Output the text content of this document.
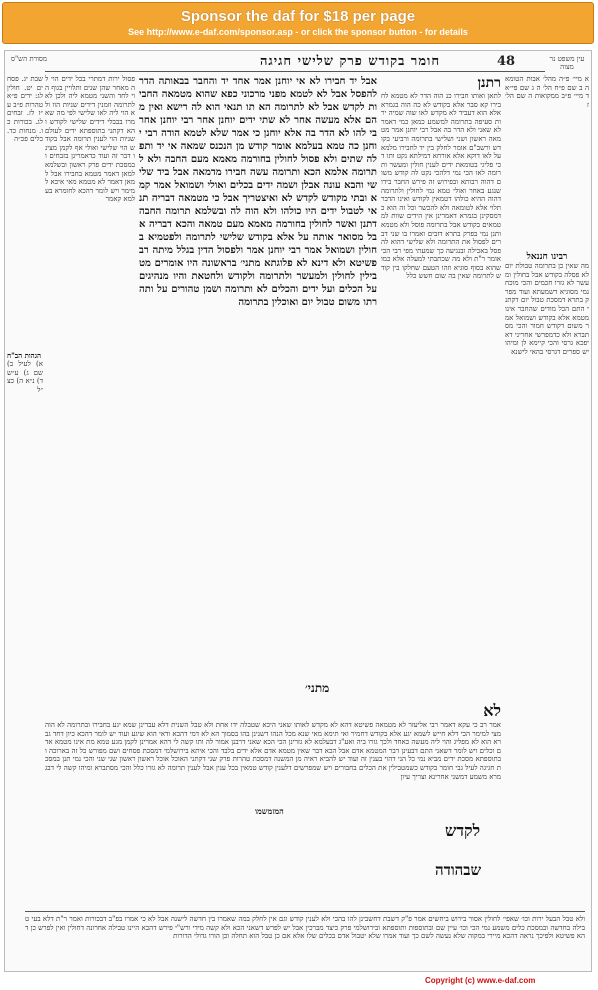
Sponsor the daf for $18 per page
See http://www.e-daf.com/sponsor.asp - or click the sponsor button - for details
מסורת הש"ס	חומר בקודש פרק שלישי חגיגה	48	עין משפט נר מצוה
שבת יג. פסחים יט. חולין לג: ידים פ״א טהרות פ״ב ע״ז לז. זבחים לג. בכורות כו. מנחות כד. כלים פכ״ה
הגהות הב"ח
א) לעיל ב) שם ג) ע״ש ד) נ״א ה) כצ״ל
פסול ירות דמתרי בכל ידים הוי לה מאחר שהן שנים ותלויין בגוף הוי לחד והשני מטמא ליה ולכן לא לתרומה וזמנין דידים שניות הוו ולא הוי ליה לאו שלישי לפי מה שאמרו בבבלי דידים שלישי לקודש והא דקתני בתוספתא ידים לעולם שניות הוי לענין תרומה אבל בקודש הוי שלישי ואולי אף לקמן מצינו דבר זה ועוד כדאמרינן בזבחים ובמסכת ידים פרק ראשון ובשלמא למאן דאמר מטמא בחבירו אבל למאן דאמר לא מטמא מאי איכא למימר ויש לומר דהכא לחומרא בעלמא קאמר
אבל יד חבירו לא אי יוחנן אמר אחד יד והחבר בבאותה הדר להפסל אבל לא לטמא מפני מרכוני כפא שהוא מטמאה החביות לקדש אבל לא לתרומה הא תו תנאי הוא לה רישא ואין מהם אלא מעשה אחר לא שתי ידים יוחנן אחר רבי יוחנן אחר בי להו לא הדר בה אלא יוחנן כי אמר שלא לטמא הודה רבי יוחנן כה טמא בעלמא אומר קודש מן הנכנס שמאה אי יד ותפלה שתים ולא פסול לחולין בחורמה מאמא מעם החבה ולא לתרומה אלמא הכא ותרומה עשה חבירו מדמאה אבל ביד שלישי והבא עונה אבלן ושמה ידים בכלים ואולי ושמואל אמר קמא ובתי מקודש לקדש לא ואיצטריך אבל כי מטמאה דבריה תנאי לטבול ידים היו כולהו ולא הוה לה ובשלמא תרומה החבה דתנן ואשר לחולין בחורמה מאמא מעם טמאה והכא דבריה אבל מסואר אותה על אלא בקודש שלישי לתרומה ולפטמיא בחולין ושמואל אמר רבי יוחנן אמר ולפסול הדין בגלל מיתה רב פשיטא ולא דינא לא פלוגתא מתני׳ בראשונה היו אומרים מטבילין לחולין ולמעשר ולתרומה ולקודש ולחטאת והיו מנהיגים על הכלים ועל ידים והכלים לא ותרומה ושמן טהורים על ותהרתו משום טבול יום ואוכלין בתרומה
רתנן
לתאן ואותו חבירו כנ הוה הדר לא מטמא לחבירו קא סבר אלא בקודש לא כה הוה בגמרא אלא הוא דעביד לא מקדש לאו שוה שמיה ירות סעיפה בתרומה למשמע כמאן כמי דאמר לא שאני ולא הדר בה אבל רבי יוחנן אמר מטמאה ראשון ושני ושלישי בתרומה ורביעי בקודש ורשב"ם אומר לחלק בין יד לחבירו מלמא על לאו דוקא אלא אורחא דמילתא נקט ותו דכי פליגי בטומאת ידים לענין חולין ומעשר ותרומה לאו הכי נמי דלהכי נקט לה קודש משום דהוה רבותא ובפירוש זה פירש החבר בידו שנגע באחר ואולי טמא נמי לחולין ולתרומה דהוה ההיא כולהו דטמאין לקודש ואינו הדבר תלוי אלא לטומאה ולא להכשר וכל זה הוא כדמסקינן בגמרא דאמרינן אין הידים שוות למטמאים בקודש אבל בתרומה פוסל ולא מטמא ותנן נמי בפרק בתרא דזבים ואמרו בו שני דברים לפסול את התרומה ולא שלישי דהוא להפסל באכילה ובנגיעה כך שמעתי מפי רבי הכי אומר ר"ת ולא מה שכתבתי למעלה אלא כמו שהוא בסוף סוגיא וזהו הטעם שחלקו בין קודש לתרומה שאין בה שום חשש כלל
א מיי׳ פ״ה מהל׳ אבות הטומאה ב שם פ״ח הל׳ ה ג שם פי״א ד מיי׳ פ״ב ממקואות ה שם הל׳ ז
רבינו חננאל
מה שאין כן בתרומה טבולת יום לא פסלה בקודש אבל בחולין ומעשר לא גזרו חכמים והכי מוכח נמי מסוגיא דשמעתא ועוד מפרק בתרא דמסכת טבול יום דקתני התם הכל מודים שהחבר אינו מטמא אלא בקודש ושמואל אמר משום דקודש חמור והכי מסתברא ולא כדמפרשי אחריני דאיפכא גרסי והכי קיימא לן ומיהו יש ספרים דגרסי בהאי לישנא
מתני׳
לא
אמר רב כי עקא דאמר רבי אליעזר לא מטמאה פשיטא דהא לא מקדש לאותו שאני היכא שטבלה ידו אחת ולא טבל השנית דלא עבדינן שמא יגע בחבירו ובתרומה לא הוה מצי למימר הכי דלא חייש לשמא יגע אלא בקודש דחמיר ואי תימא מאי שנא מכל הנהו דשנינן בהו בסמוך הא לא דמי דהכא ודאי הוא שיגע ועוד יש לומר דהכא כיון דחד גברא הוא לא מפליג והוי ליה מעשה כאחד ולכך גזרו ביה ואע"ג דבעלמא לא גזרינן הכי הכא שאני דרבנן אמור לה ותו קשה לי דהא אמרינן לקמן מגע טמא מת אינו מטמא אדם וכלים ויש לומר דשאני התם דבעינן דבר המטמא אדם אבל הכא דבר שאין מטמא אדם אלא ידים בלבד והכי איתא בירושלמי דמסכת פסחים ושם מפורש כל זה בארוכה ובתוספתא מסכת ידים מביא נמי כל הני דהוי בענין זה ועוד יש להביא ראיה מן המשנה דמסכת טהרות פרק שני דקתני האוכל אוכל ראשון ראשון שני שני והכי נמי תנן במסכת חגיגה לעיל גבי חומר בקודש כשמטבילין את הכלים בחבורים ויש שמפרשים דלענין קודש טמאין בכל ענין אבל לענין תרומה לא גזרו כלל והכי מסתברא ומיהו קשה לי דבגמרא משמע דמשני אחרינא וצריך עיון
לקדש
שבהודה
המזמשמו
ולא טבל הבעל ירות וכו׳ שאפי׳ לחולין אסור בירוש ביחשים אמר פ"ק דשבת דחשבינן להו בהכי ולא לענין קודש וגם אין לחלק במה שאמרו בין חדשה לישנה אבל לא כי אמרו בפ"ב דבכורות ואמר ר"ת דלא בעי טבילה בחדשה ובמסכת כלים משמע נמי הכי וכו׳ עיין שם ובתוספות ותוספתא ובירושלמי פרק כיצד מברכין אבל יש לפרש דשאני הכא ולא קשה מידי ורש"י פירש דהכא היינו טבילה אחרונה דחולין ואין לפרש כן דהא פשיטא ולפיכך נראה דהכא מיירי במקוה שלא נעשה לשם כך ועוד אמרו שלא יטבול אדם בכלים שלו אלא אם כן טבל הוא תחלה וכן הורו גדולי הדורות
Copyright (c) www.e-daf.com
